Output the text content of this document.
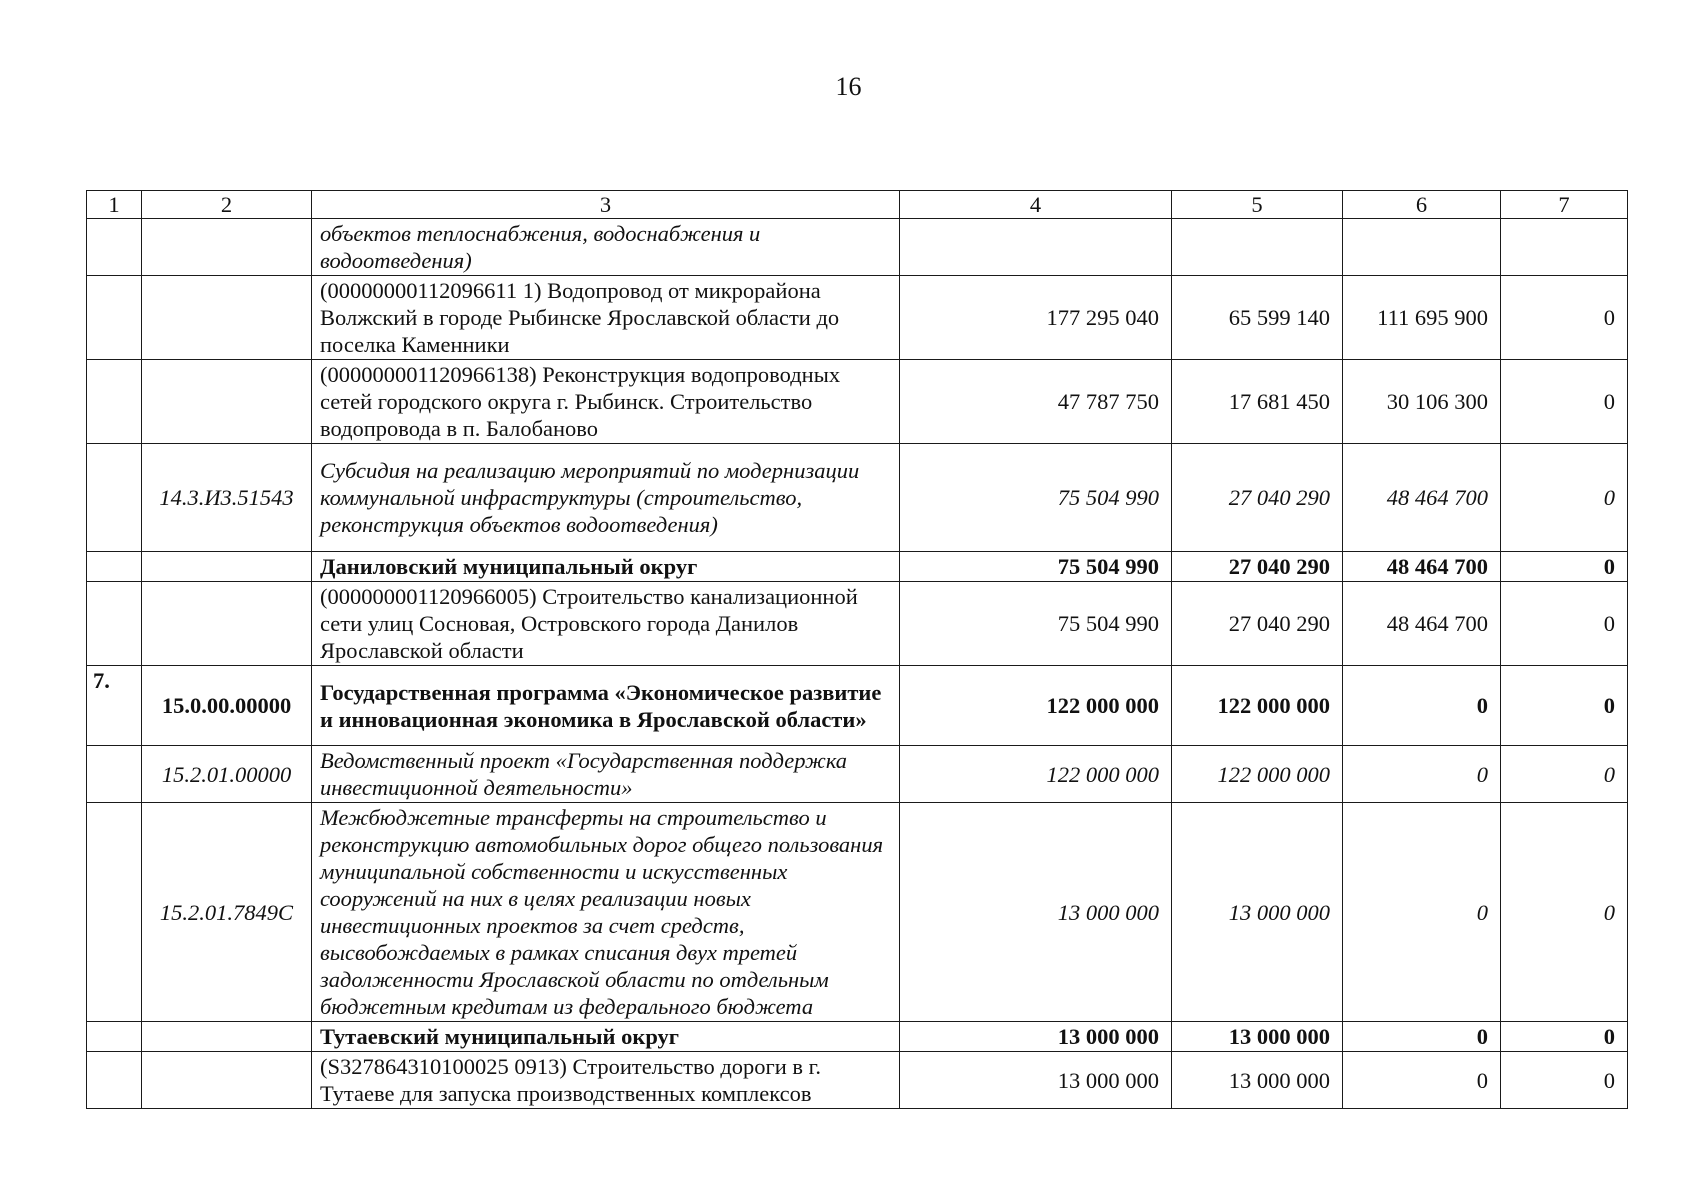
16
1	2	3	4	5	6	7
		объектов теплоснабжения, водоснабжения и водоотведения)				
		(00000000112096611 1) Водопровод от микрорайона Волжский в городе Рыбинске Ярославской области до поселка Каменники	177 295 040	65 599 140	111 695 900	0
		(000000001120966138) Реконструкция водопроводных сетей городского округа г. Рыбинск. Строительство водопровода в п. Балобаново	47 787 750	17 681 450	30 106 300	0
	14.3.И3.51543	Субсидия на реализацию мероприятий по модернизации коммунальной инфраструктуры (строительство, реконструкция объектов водоотведения)	75 504 990	27 040 290	48 464 700	0
		Даниловский муниципальный округ	75 504 990	27 040 290	48 464 700	0
		(000000001120966005) Строительство канализационной сети улиц Сосновая, Островского города Данилов Ярославской области	75 504 990	27 040 290	48 464 700	0
7.	15.0.00.00000	Государственная программа «Экономическое развитие и инновационная экономика в Ярославской области»	122 000 000	122 000 000	0	0
	15.2.01.00000	Ведомственный проект «Государственная поддержка инвестиционной деятельности»	122 000 000	122 000 000	0	0
	15.2.01.7849С	Межбюджетные трансферты на строительство и реконструкцию автомобильных дорог общего пользования муниципальной собственности и искусственных сооружений на них в целях реализации новых инвестиционных проектов за счет средств, высвобождаемых в рамках списания двух третей задолженности Ярославской области по отдельным бюджетным кредитам из федерального бюджета	13 000 000	13 000 000	0	0
		Тутаевский муниципальный округ	13 000 000	13 000 000	0	0
		(S327864310100025 0913) Строительство дороги в г. Тутаеве для запуска производственных комплексов	13 000 000	13 000 000	0	0
